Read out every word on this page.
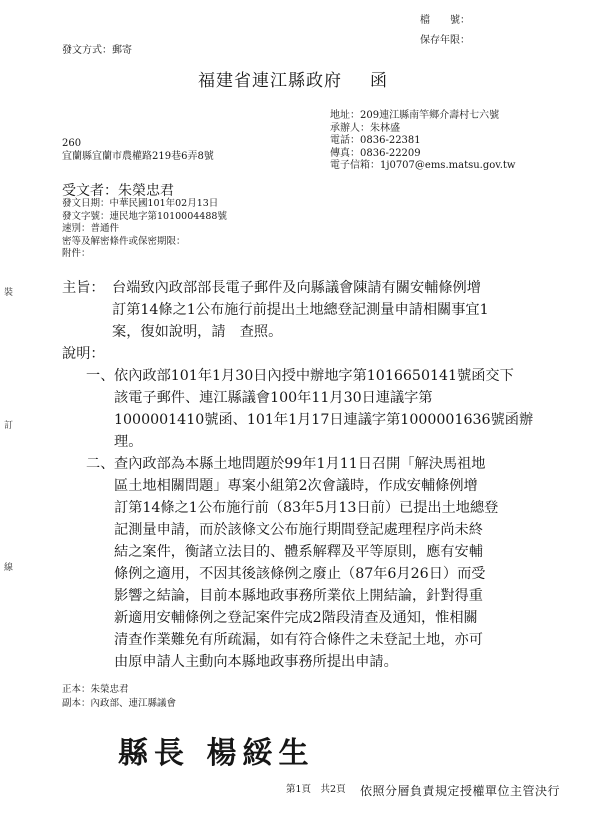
檔　　號：
保存年限：
發文方式：郵寄
福建省連江縣政府 函
地址：209連江縣南竿鄉介壽村七六號
承辦人：朱林盛
電話：0836-22381
傳真：0836-22209
電子信箱：1j0707@ems.matsu.gov.tw
260
宜蘭縣宜蘭市農權路219巷6弄8號
受文者：朱榮忠君
發文日期：中華民國101年02月13日
發文字號：連民地字第1010004488號
速別：普通件
密等及解密條件或保密期限：
附件：
裝
訂
線
主旨： 台端致內政部部長電子郵件及向縣議會陳請有關安輔條例增
訂第14條之1公布施行前提出土地總登記測量申請相關事宜1
案，復如說明，請　查照。
說明：
一、 依內政部101年1月30日內授中辦地字第1016650141號函交下
該電子郵件、連江縣議會100年11月30日連議字第
1000001410號函、101年1月17日連議字第1000001636號函辦
理。
二、 查內政部為本縣土地問題於99年1月11日召開「解決馬祖地
區土地相關問題」專案小組第2次會議時，作成安輔條例增
訂第14條之1公布施行前（83年5月13日前）已提出土地總登
記測量申請，而於該條文公布施行期間登記處理程序尚未終
結之案件，衡諸立法目的、體系解釋及平等原則，應有安輔
條例之適用，不因其後該條例之廢止（87年6月26日）而受
影響之結論，目前本縣地政事務所業依上開結論，針對得重
新適用安輔條例之登記案件完成2階段清查及通知，惟相關
清查作業難免有所疏漏，如有符合條件之未登記土地，亦可
由原申請人主動向本縣地政事務所提出申請。
正本：朱榮忠君
副本：內政部、連江縣議會
縣長 楊綏生
第1頁　共2頁 依照分層負責規定授權單位主管決行
